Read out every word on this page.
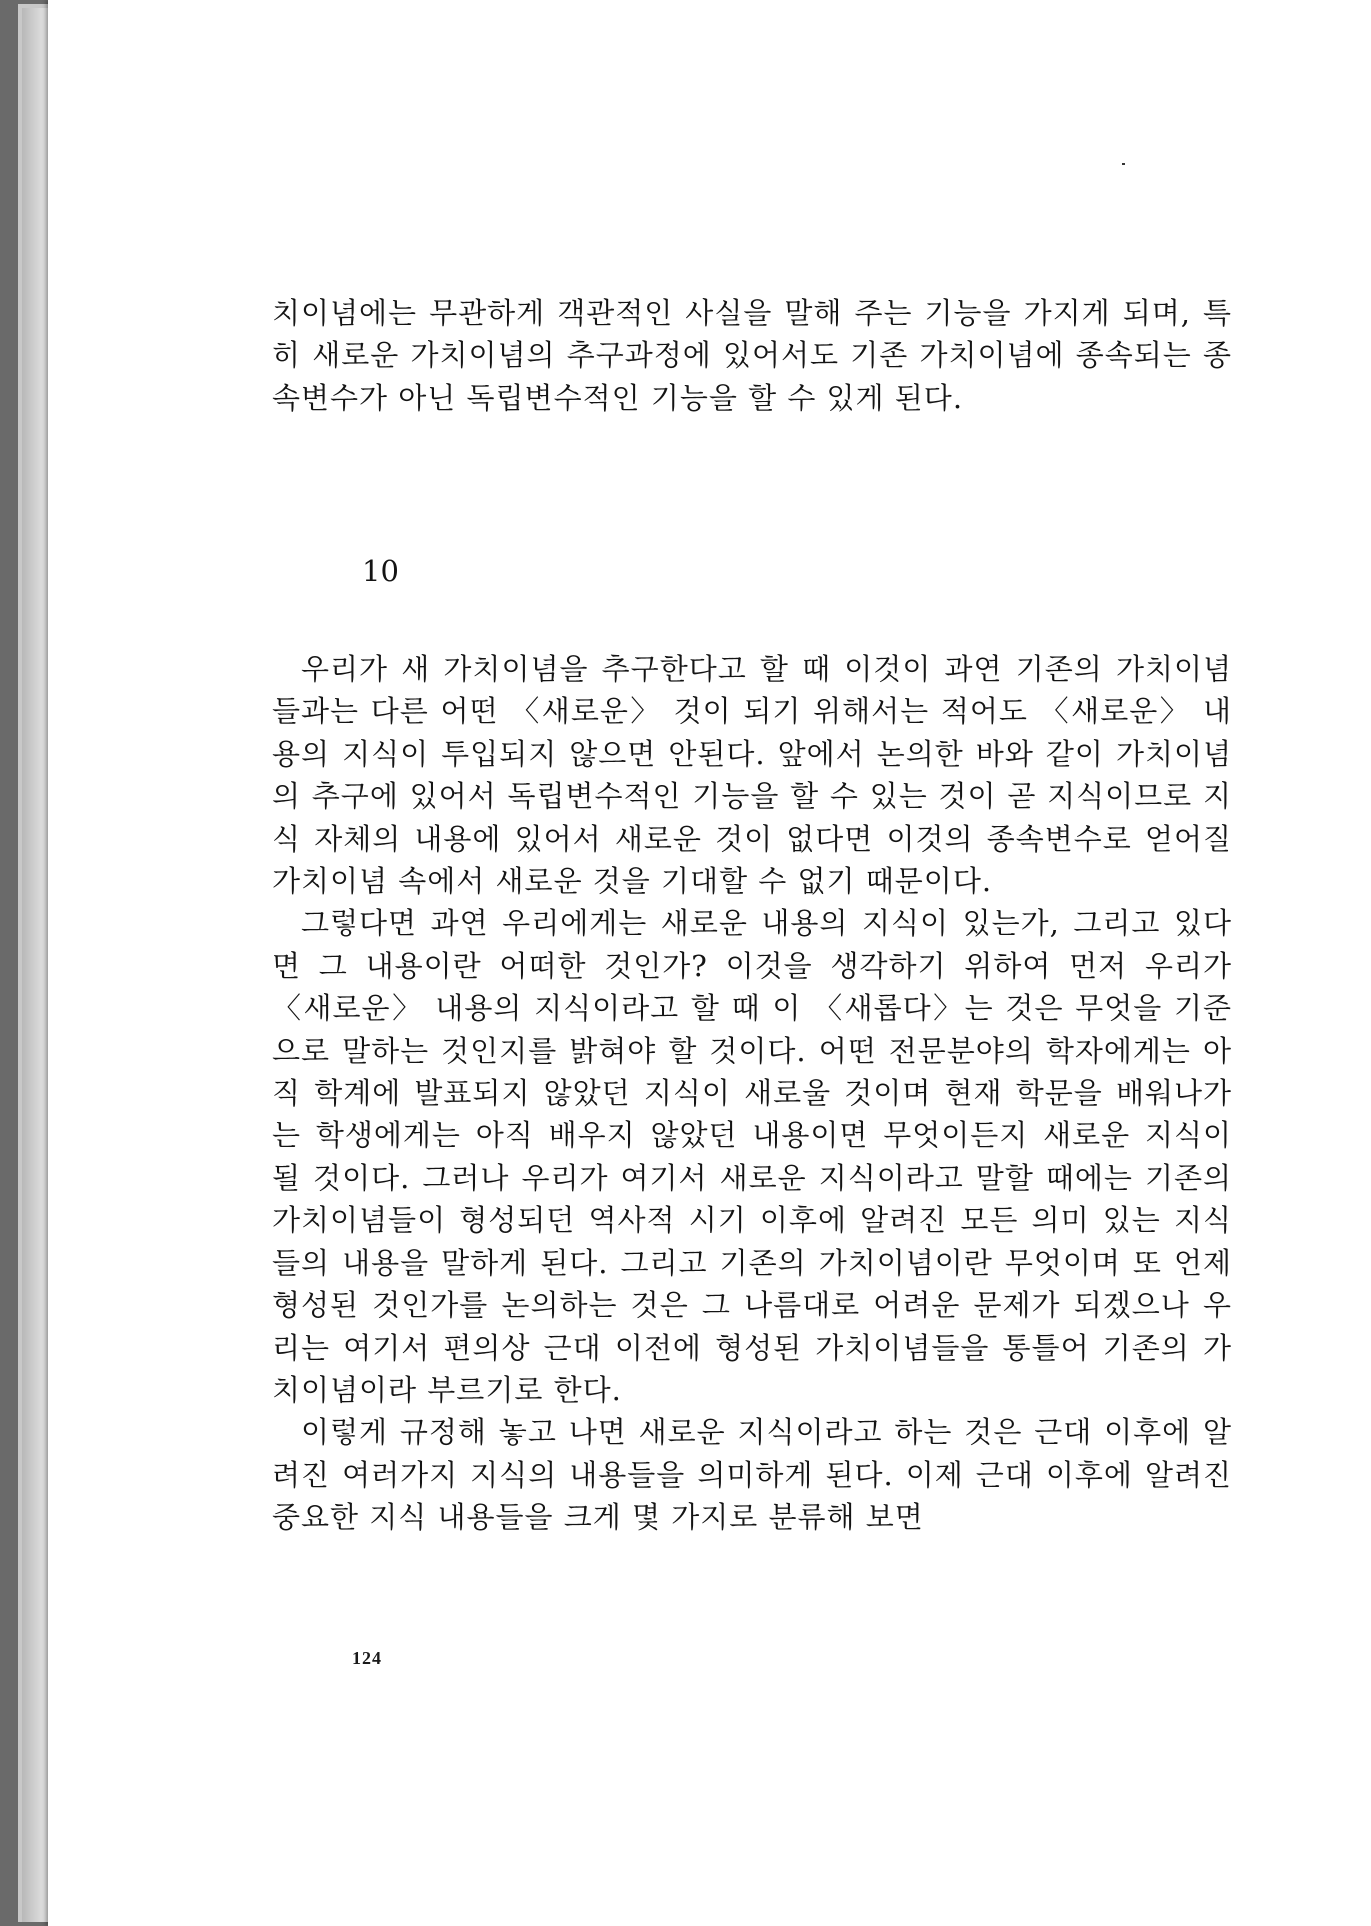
치이념에는 무관하게 객관적인 사실을 말해 주는 기능을 가지게 되며, 특히 새로운 가치이념의 추구과정에 있어서도 기존 가치이념에 종속되는 종속변수가 아닌 독립변수적인 기능을 할 수 있게 된다.

10

우리가 새 가치이념을 추구한다고 할 때 이것이 과연 기존의 가치이념들과는 다른 어떤 〈새로운〉 것이 되기 위해서는 적어도 〈새로운〉 내용의 지식이 투입되지 않으면 안된다. 앞에서 논의한 바와 같이 가치이념의 추구에 있어서 독립변수적인 기능을 할 수 있는 것이 곧 지식이므로 지식 자체의 내용에 있어서 새로운 것이 없다면 이것의 종속변수로 얻어질 가치이념 속에서 새로운 것을 기대할 수 없기 때문이다.

그렇다면 과연 우리에게는 새로운 내용의 지식이 있는가, 그리고 있다면 그 내용이란 어떠한 것인가? 이것을 생각하기 위하여 먼저 우리가 〈새로운〉 내용의 지식이라고 할 때 이 〈새롭다〉는 것은 무엇을 기준으로 말하는 것인지를 밝혀야 할 것이다. 어떤 전문분야의 학자에게는 아직 학계에 발표되지 않았던 지식이 새로울 것이며 현재 학문을 배워나가는 학생에게는 아직 배우지 않았던 내용이면 무엇이든지 새로운 지식이 될 것이다. 그러나 우리가 여기서 새로운 지식이라고 말할 때에는 기존의 가치이념들이 형성되던 역사적 시기 이후에 알려진 모든 의미 있는 지식들의 내용을 말하게 된다. 그리고 기존의 가치이념이란 무엇이며 또 언제 형성된 것인가를 논의하는 것은 그 나름대로 어려운 문제가 되겠으나 우리는 여기서 편의상 근대 이전에 형성된 가치이념들을 통틀어 기존의 가치이념이라 부르기로 한다.

이렇게 규정해 놓고 나면 새로운 지식이라고 하는 것은 근대 이후에 알려진 여러가지 지식의 내용들을 의미하게 된다. 이제 근대 이후에 알려진 중요한 지식 내용들을 크게 몇 가지로 분류해 보면

124
